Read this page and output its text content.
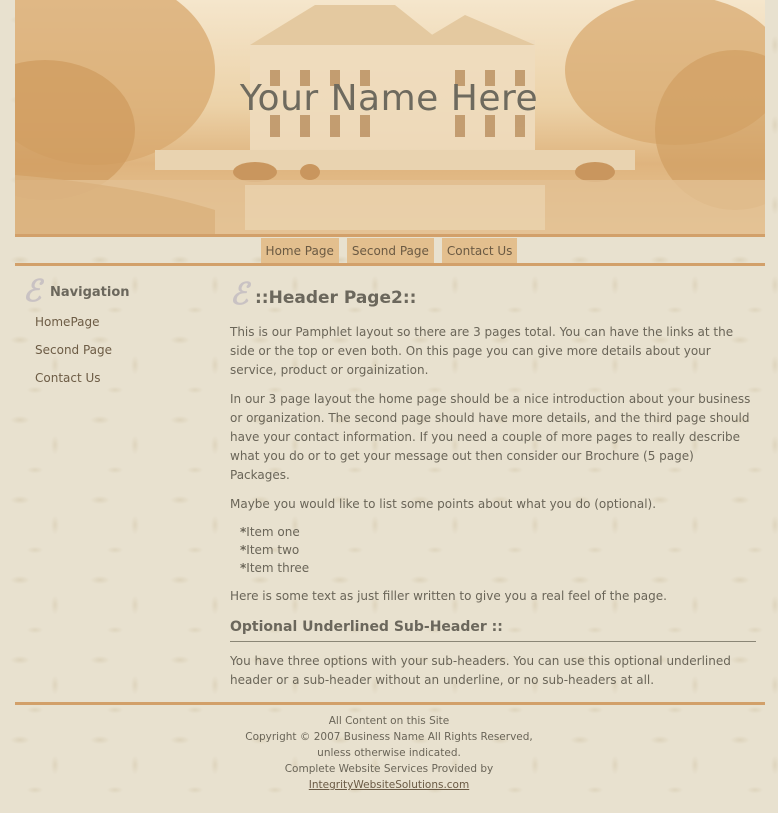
Your Name Here
Home Page Second Page Contact Us
ℰ Navigation
HomePage
Second Page
Contact Us
ℰ ::Header Page2::

This is our Pamphlet layout so there are 3 pages total. You can have the links at the side or the top or even both. On this page you can give more details about your service, product or orgainization.

In our 3 page layout the home page should be a nice introduction about your business or organization. The second page should have more details, and the third page should have your contact information. If you need a couple of more pages to really describe what you do or to get your message out then consider our Brochure (5 page) Packages.

Maybe you would like to list some points about what you do (optional).

*Item one
*Item two
*Item three

Here is some text as just filler written to give you a real feel of the page.

Optional Underlined Sub-Header ::

You have three options with your sub-headers. You can use this optional underlined header or a sub-header without an underline, or no sub-headers at all.

All Content on this Site
Copyright © 2007 Business Name All Rights Reserved,
unless otherwise indicated.
Complete Website Services Provided by
IntegrityWebsiteSolutions.com
